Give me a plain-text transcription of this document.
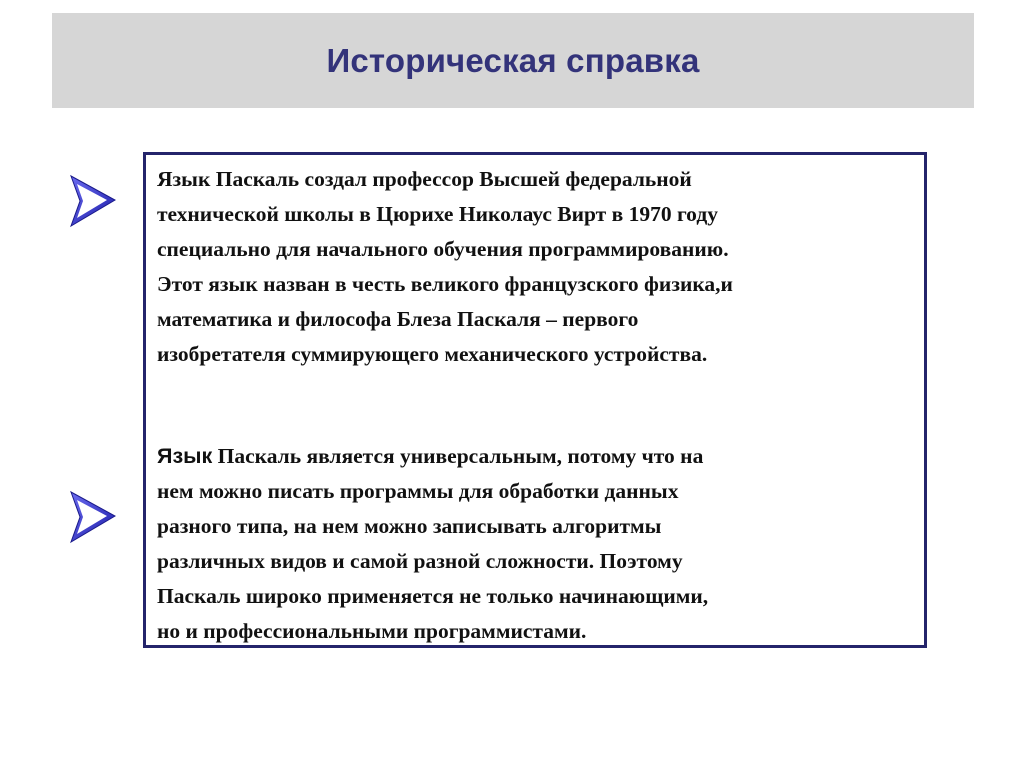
Историческая справка

Язык Паскаль создал профессор Высшей федеральной
технической школы в Цюрихе Николаус Вирт в 1970 году
специально для начального обучения программированию.
Этот язык назван в честь великого французского физика,и
математика и философа Блеза Паскаля – первого
изобретателя суммирующего механического устройства.

Язык Паскаль является универсальным, потому что на
нем можно писать программы для обработки данных
разного типа, на нем можно записывать алгоритмы
различных видов и самой разной сложности. Поэтому
Паскаль широко применяется не только начинающими,
но и профессиональными программистами.
